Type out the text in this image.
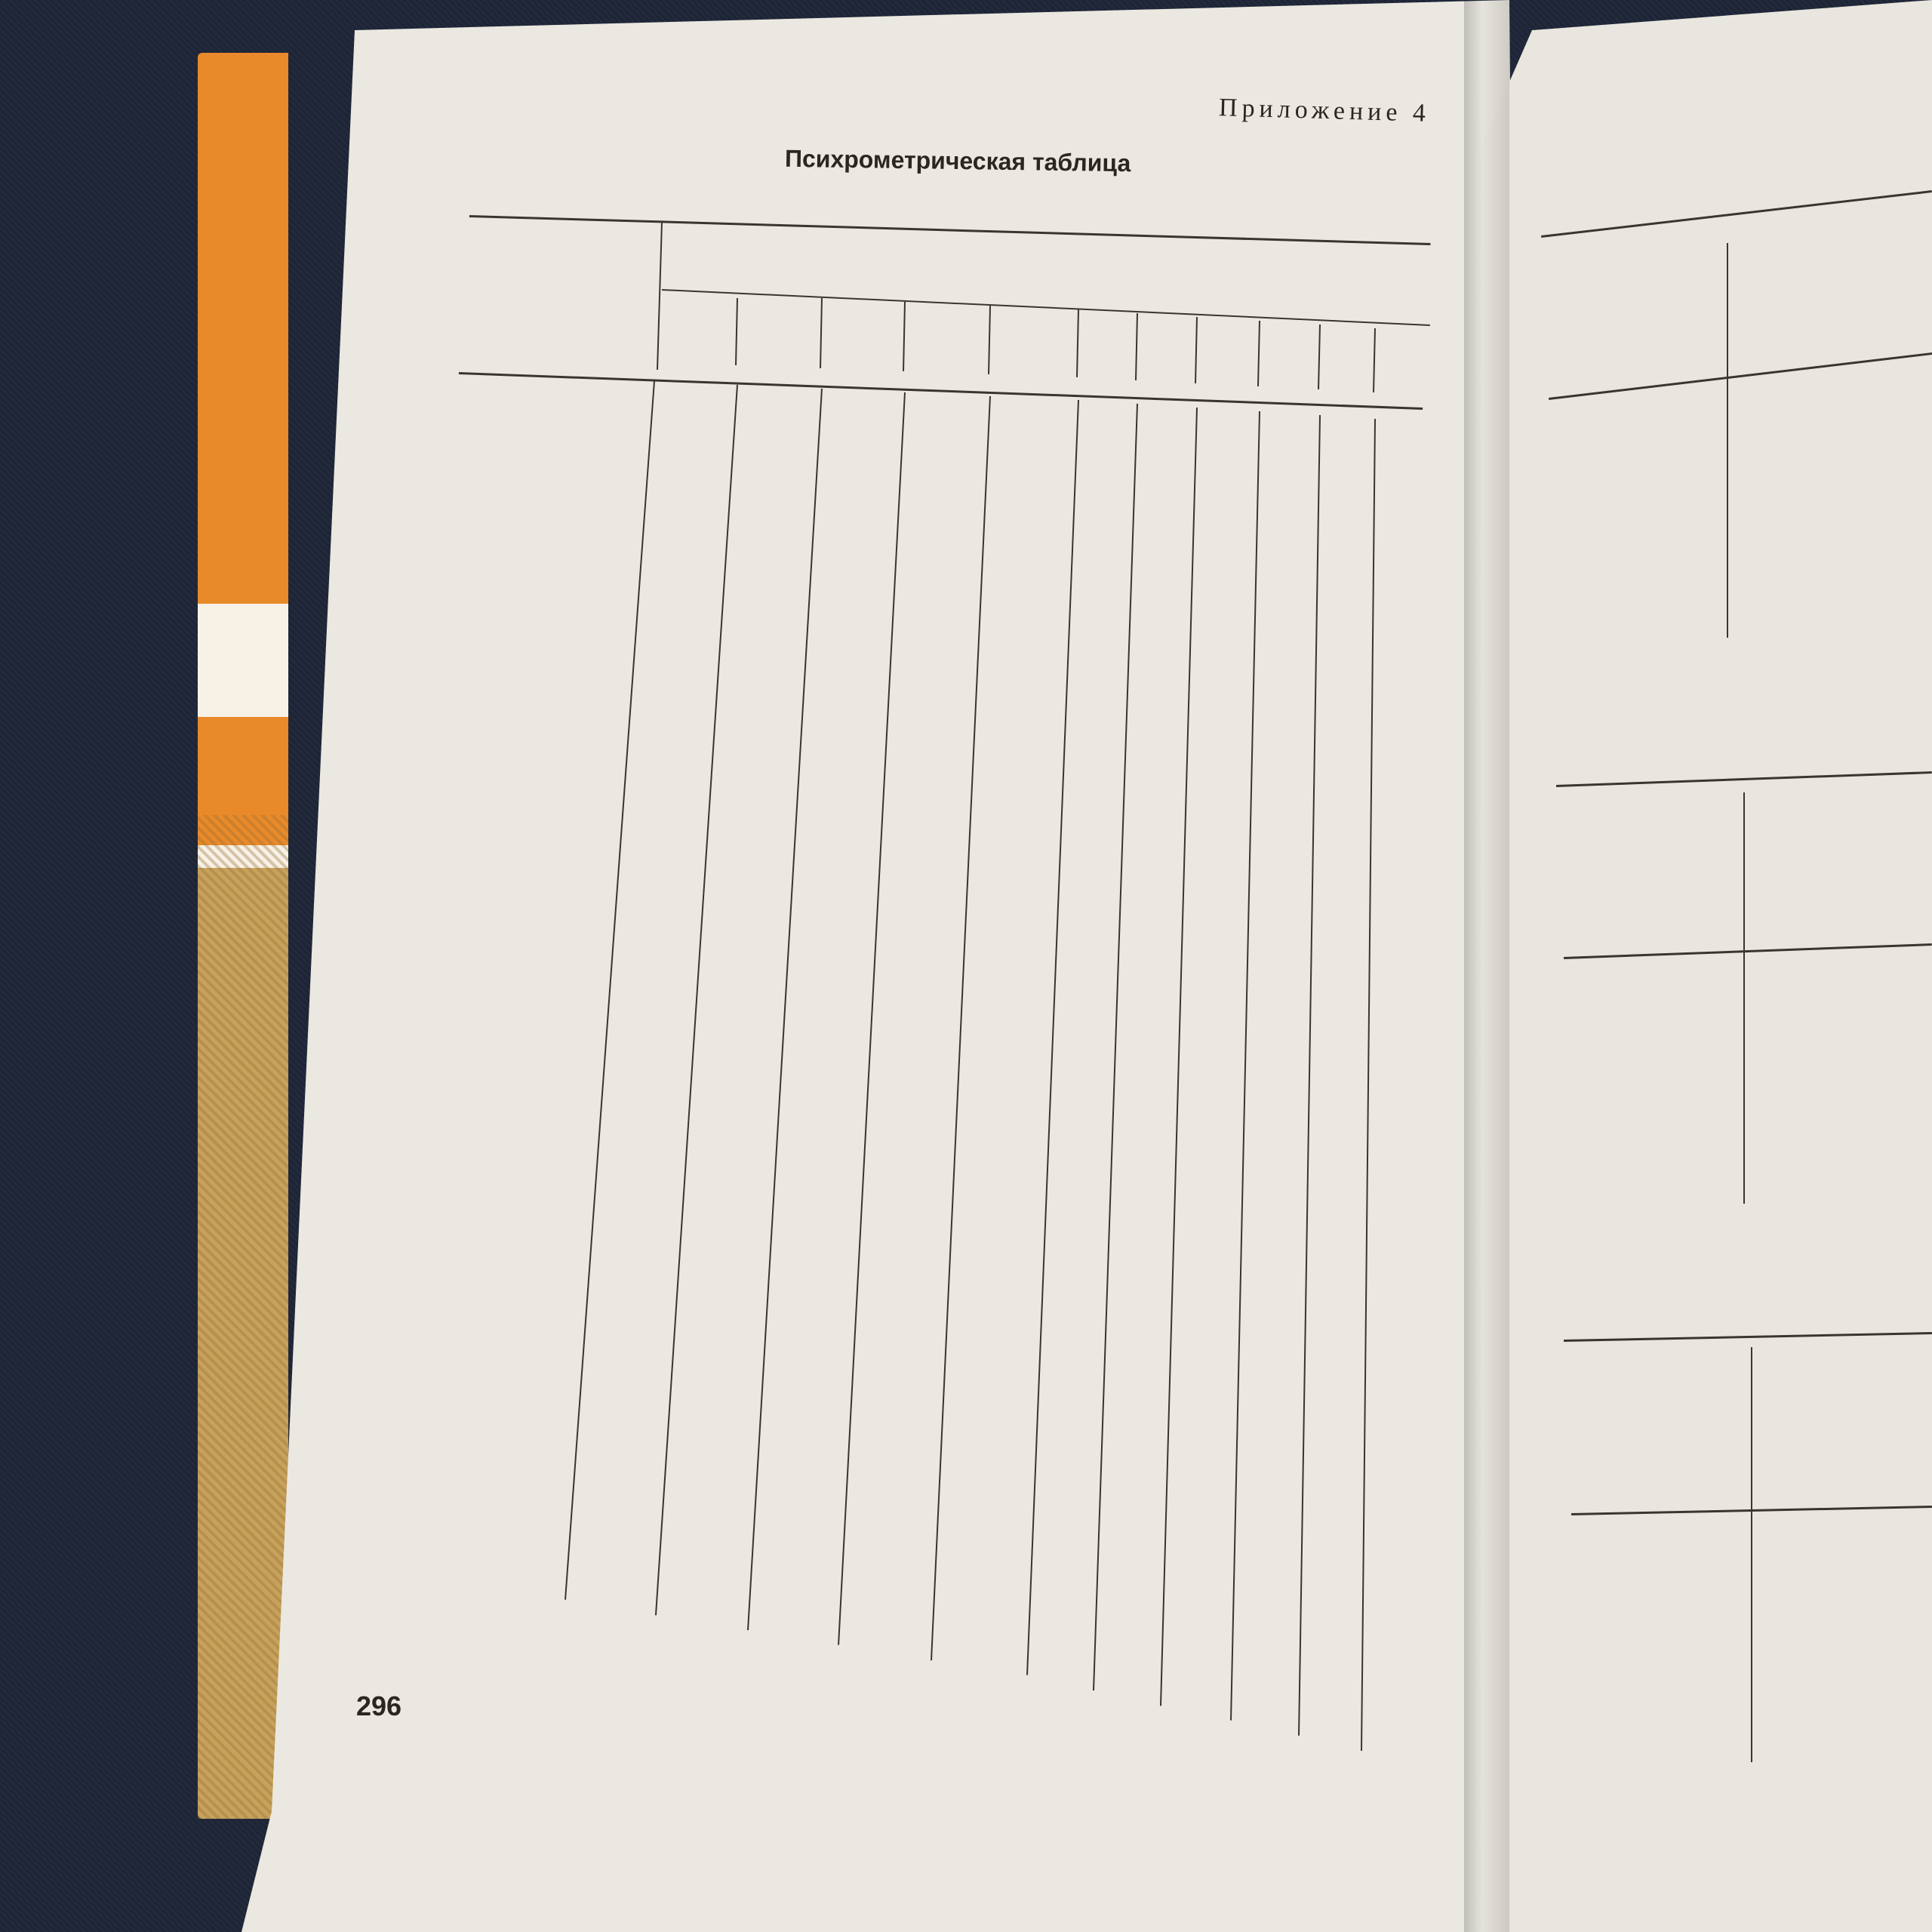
Приложение 4
Психрометрическая таблица
296
